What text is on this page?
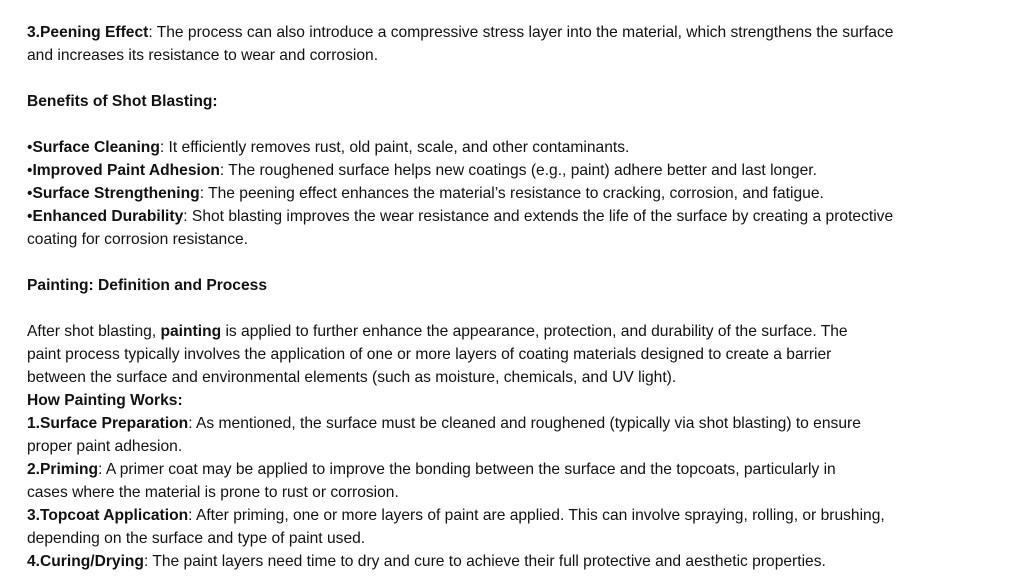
3.Peening Effect: The process can also introduce a compressive stress layer into the material, which strengthens the surface
and increases its resistance to wear and corrosion.
Benefits of Shot Blasting:
•Surface Cleaning: It efficiently removes rust, old paint, scale, and other contaminants.
•Improved Paint Adhesion: The roughened surface helps new coatings (e.g., paint) adhere better and last longer.
•Surface Strengthening: The peening effect enhances the material’s resistance to cracking, corrosion, and fatigue.
•Enhanced Durability: Shot blasting improves the wear resistance and extends the life of the surface by creating a protective
coating for corrosion resistance.
Painting: Definition and Process
After shot blasting, painting is applied to further enhance the appearance, protection, and durability of the surface. The
paint process typically involves the application of one or more layers of coating materials designed to create a barrier
between the surface and environmental elements (such as moisture, chemicals, and UV light).
How Painting Works:
1.Surface Preparation: As mentioned, the surface must be cleaned and roughened (typically via shot blasting) to ensure
proper paint adhesion.
2.Priming: A primer coat may be applied to improve the bonding between the surface and the topcoats, particularly in
cases where the material is prone to rust or corrosion.
3.Topcoat Application: After priming, one or more layers of paint are applied. This can involve spraying, rolling, or brushing,
depending on the surface and type of paint used.
4.Curing/Drying: The paint layers need time to dry and cure to achieve their full protective and aesthetic properties.
